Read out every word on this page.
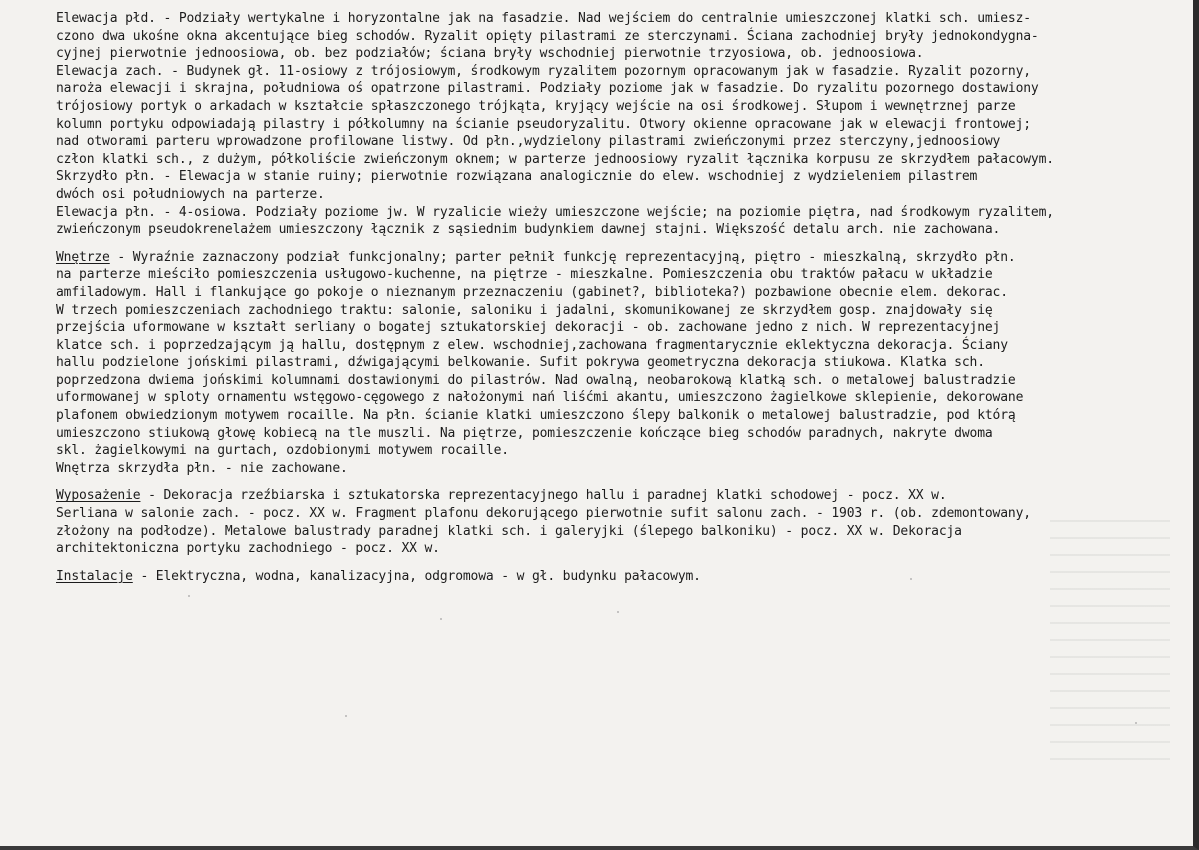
Elewacja płd. - Podziały wertykalne i horyzontalne jak na fasadzie. Nad wejściem do centralnie umieszczonej klatki sch. umiesz-
czono dwa ukośne okna akcentujące bieg schodów. Ryzalit opięty pilastrami ze sterczynami. Ściana zachodniej bryły jednokondygna-
cyjnej pierwotnie jednoosiowa, ob. bez podziałów; ściana bryły wschodniej pierwotnie trzyosiowa, ob. jednoosiowa.
Elewacja zach. - Budynek gł. 11-osiowy z trójosiowym, środkowym ryzalitem pozornym opracowanym jak w fasadzie. Ryzalit pozorny,
naroża elewacji i skrajna, południowa oś opatrzone pilastrami. Podziały poziome jak w fasadzie. Do ryzalitu pozornego dostawiony
trójosiowy portyk o arkadach w kształcie spłaszczonego trójkąta, kryjący wejście na osi środkowej. Słupom i wewnętrznej parze
kolumn portyku odpowiadają pilastry i półkolumny na ścianie pseudoryzalitu. Otwory okienne opracowane jak w elewacji frontowej;
nad otworami parteru wprowadzone profilowane listwy. Od płn.,wydzielony pilastrami zwieńczonymi przez sterczyny,jednoosiowy
człon klatki sch., z dużym, półkoliście zwieńczonym oknem; w parterze jednoosiowy ryzalit łącznika korpusu ze skrzydłem pałacowym.
Skrzydło płn. - Elewacja w stanie ruiny; pierwotnie rozwiązana analogicznie do elew. wschodniej z wydzieleniem pilastrem
dwóch osi południowych na parterze.
Elewacja płn. - 4-osiowa. Podziały poziome jw. W ryzalicie wieży umieszczone wejście; na poziomie piętra, nad środkowym ryzalitem,
zwieńczonym pseudokrenelażem umieszczony łącznik z sąsiednim budynkiem dawnej stajni. Większość detalu arch. nie zachowana.
Wnętrze - Wyraźnie zaznaczony podział funkcjonalny; parter pełnił funkcję reprezentacyjną, piętro - mieszkalną, skrzydło płn.
na parterze mieściło pomieszczenia usługowo-kuchenne, na piętrze - mieszkalne. Pomieszczenia obu traktów pałacu w układzie
amfiladowym. Hall i flankujące go pokoje o nieznanym przeznaczeniu (gabinet?, biblioteka?) pozbawione obecnie elem. dekorac.
W trzech pomieszczeniach zachodniego traktu: salonie, saloniku i jadalni, skomunikowanej ze skrzydłem gosp. znajdowały się
przejścia uformowane w kształt serliany o bogatej sztukatorskiej dekoracji - ob. zachowane jedno z nich. W reprezentacyjnej
klatce sch. i poprzedzającym ją hallu, dostępnym z elew. wschodniej,zachowana fragmentarycznie eklektyczna dekoracja. Ściany
hallu podzielone jońskimi pilastrami, dźwigającymi belkowanie. Sufit pokrywa geometryczna dekoracja stiukowa. Klatka sch.
poprzedzona dwiema jońskimi kolumnami dostawionymi do pilastrów. Nad owalną, neobarokową klatką sch. o metalowej balustradzie
uformowanej w sploty ornamentu wstęgowo-cęgowego z nałożonymi nań liśćmi akantu, umieszczono żagielkowe sklepienie, dekorowane
plafonem obwiedzionym motywem rocaille. Na płn. ścianie klatki umieszczono ślepy balkonik o metalowej balustradzie, pod którą
umieszczono stiukową głowę kobiecą na tle muszli. Na piętrze, pomieszczenie kończące bieg schodów paradnych, nakryte dwoma
skl. żagielkowymi na gurtach, ozdobionymi motywem rocaille.
Wnętrza skrzydła płn. - nie zachowane.
Wyposażenie - Dekoracja rzeźbiarska i sztukatorska reprezentacyjnego hallu i paradnej klatki schodowej - pocz. XX w.
Serliana w salonie zach. - pocz. XX w. Fragment plafonu dekorującego pierwotnie sufit salonu zach. - 1903 r. (ob. zdemontowany,
złożony na podłodze). Metalowe balustrady paradnej klatki sch. i galeryjki (ślepego balkoniku) - pocz. XX w. Dekoracja
architektoniczna portyku zachodniego - pocz. XX w.
Instalacje - Elektryczna, wodna, kanalizacyjna, odgromowa - w gł. budynku pałacowym.
